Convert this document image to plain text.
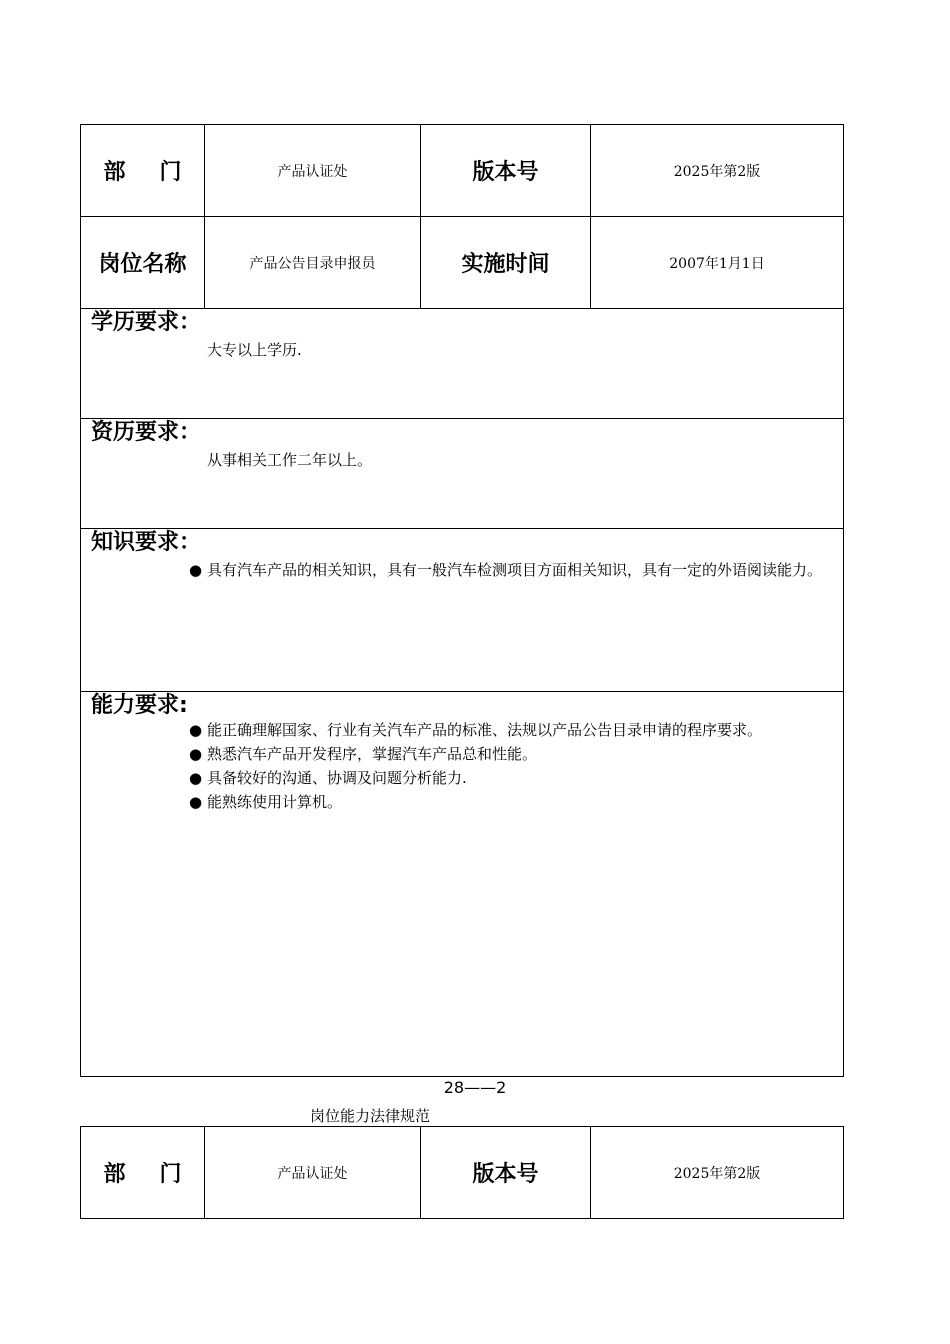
部门	产品认证处	版本号	2025年第2版
岗位名称	产品公告目录申报员	实施时间	2007年1月1日
学历要求：
大专以上学历.
资历要求：
从事相关工作二年以上。
知识要求：
● 具有汽车产品的相关知识，具有一般汽车检测项目方面相关知识，具有一定的外语阅读能力。
能力要求:
● 能正确理解国家、行业有关汽车产品的标准、法规以产品公告目录申请的程序要求。
● 熟悉汽车产品开发程序，掌握汽车产品总和性能。
● 具备较好的沟通、协调及问题分析能力.
● 能熟练使用计算机。
28——2
岗位能力法律规范
部门	产品认证处	版本号	2025年第2版
